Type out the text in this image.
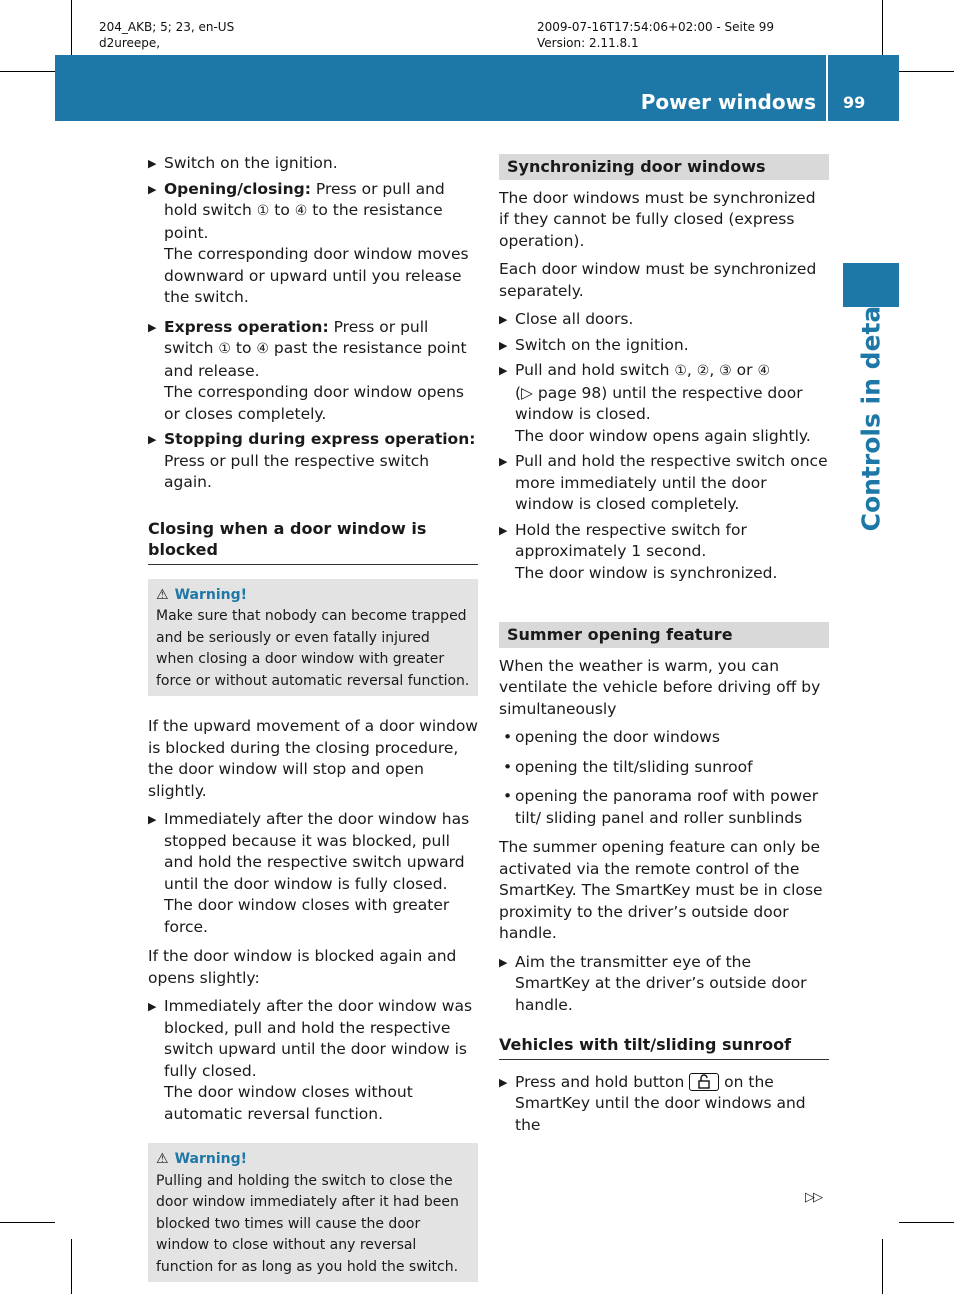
204_AKB; 5; 23, en-US
d2ureepe,
2009-07-16T17:54:06+02:00 - Seite 99
Version: 2.11.8.1
Power windows 99
Controls in detail
▶ Switch on the ignition.
▶ Opening/closing: Press or pull and hold switch ① to ④ to the resistance point.
The corresponding door window moves downward or upward until you release the switch.
▶ Express operation: Press or pull switch ① to ④ past the resistance point and release.
The corresponding door window opens or closes completely.
▶ Stopping during express operation:
Press or pull the respective switch again.
Closing when a door window is blocked
⚠ Warning!
Make sure that nobody can become trapped and be seriously or even fatally injured when closing a door window with greater force or without automatic reversal function.

If the upward movement of a door window is blocked during the closing procedure, the door window will stop and open slightly.

▶ Immediately after the door window has stopped because it was blocked, pull and hold the respective switch upward until the door window is fully closed.
The door window closes with greater force.

If the door window is blocked again and opens slightly:

▶ Immediately after the door window was blocked, pull and hold the respective switch upward until the door window is fully closed.
The door window closes without automatic reversal function.
⚠ Warning!
Pulling and holding the switch to close the door window immediately after it had been blocked two times will cause the door window to close without any reversal function for as long as you hold the switch.
Synchronizing door windows

The door windows must be synchronized if they cannot be fully closed (express operation).

Each door window must be synchronized separately.

▶ Close all doors.
▶ Switch on the ignition.
▶ Pull and hold switch ①, ②, ③ or ④
(▷ page 98) until the respective door window is closed.
The door window opens again slightly.
▶ Pull and hold the respective switch once more immediately until the door window is closed completely.
▶ Hold the respective switch for approximately 1 second.
The door window is synchronized.
Summer opening feature

When the weather is warm, you can ventilate the vehicle before driving off by simultaneously

• opening the door windows
• opening the tilt/sliding sunroof
• opening the panorama roof with power tilt/ sliding panel and roller sunblinds

The summer opening feature can only be activated via the remote control of the SmartKey. The SmartKey must be in close proximity to the driver’s outside door handle.

▶ Aim the transmitter eye of the SmartKey at the driver’s outside door handle.
Vehicles with tilt/sliding sunroof
▶ Press and hold button  on the SmartKey until the door windows and the
▷▷
